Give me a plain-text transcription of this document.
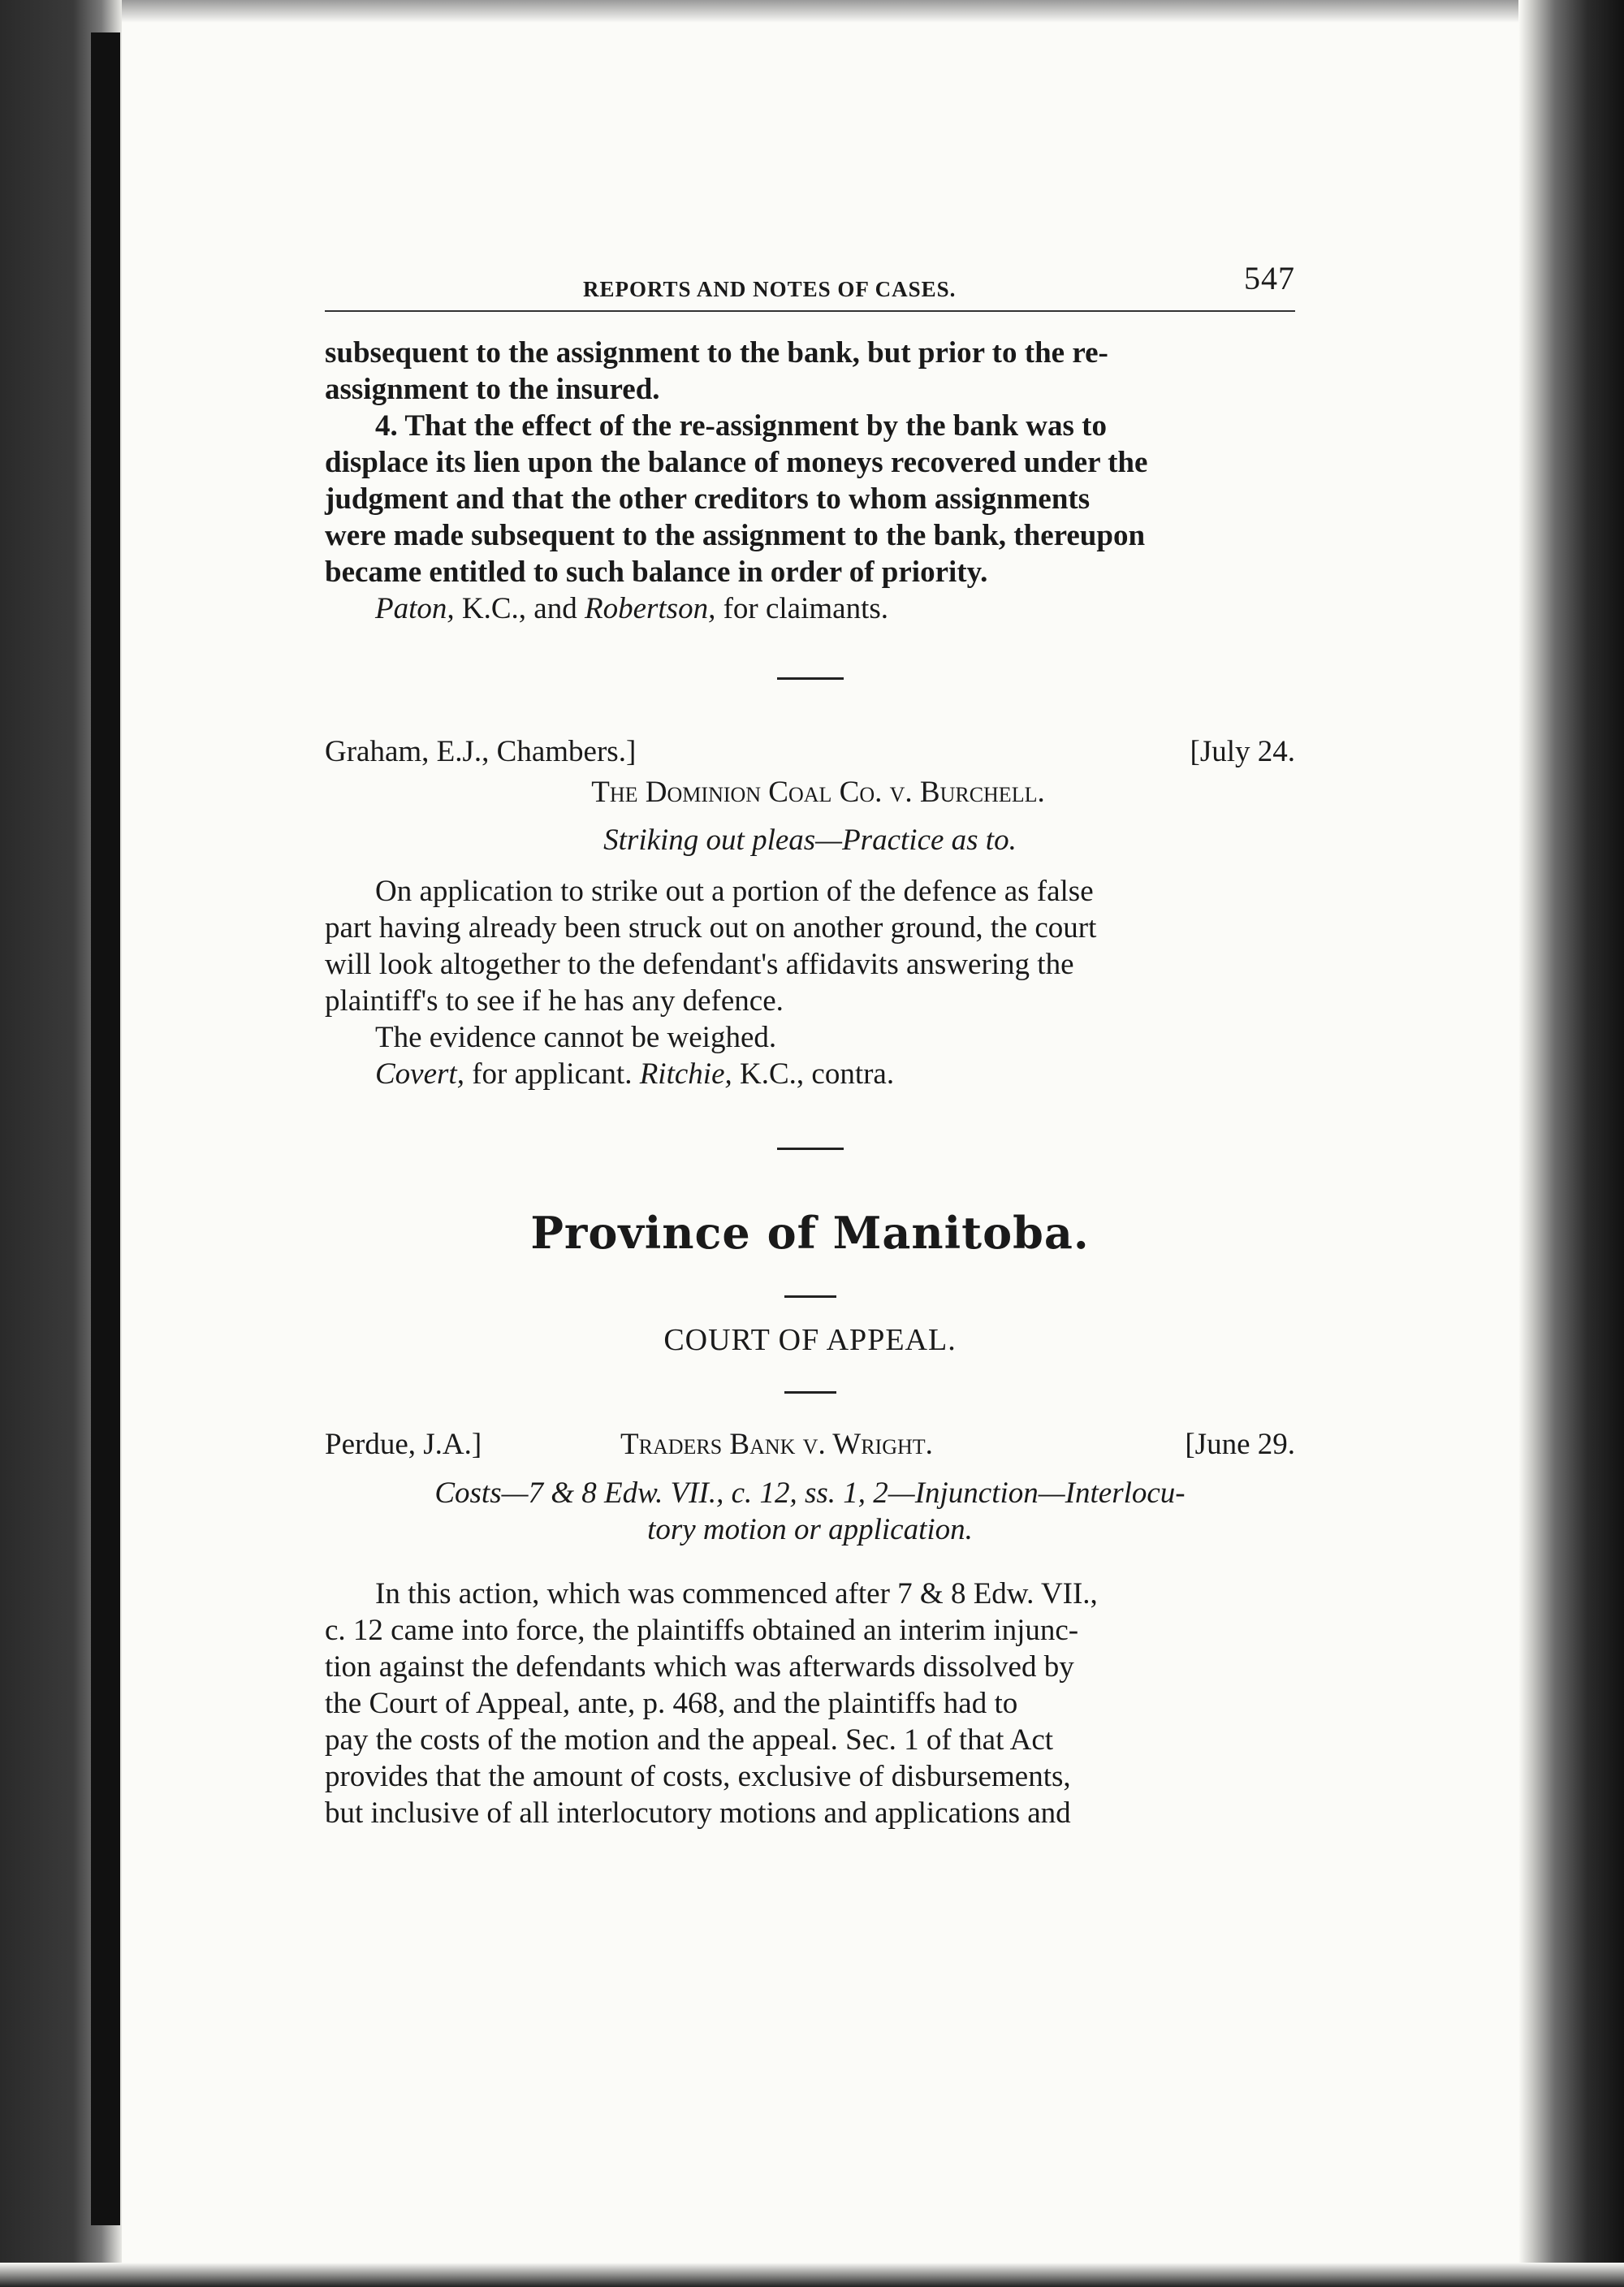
REPORTS AND NOTES OF CASES.	547

subsequent to the assignment to the bank, but prior to the re-

assignment to the insured.

4. That the effect of the re-assignment by the bank was to

displace its lien upon the balance of moneys recovered under the

judgment and that the other creditors to whom assignments

were made subsequent to the assignment to the bank, thereupon

became entitled to such balance in order of priority.

Paton, K.C., and Robertson, for claimants.

Graham, E.J., Chambers.]	[July 24.

The Dominion Coal Co. v. Burchell.

Striking out pleas—Practice as to.

On application to strike out a portion of the defence as false

part having already been struck out on another ground, the court

will look altogether to the defendant's affidavits answering the

plaintiff's to see if he has any defence.

The evidence cannot be weighed.

Covert, for applicant. Ritchie, K.C., contra.

Province of Manitoba.
COURT OF APPEAL.
Perdue, J.A.]	Traders Bank v. Wright.	[June 29.

Costs—7 & 8 Edw. VII., c. 12, ss. 1, 2—Injunction—Interlocu-

tory motion or application.

In this action, which was commenced after 7 & 8 Edw. VII.,

c. 12 came into force, the plaintiffs obtained an interim injunc-

tion against the defendants which was afterwards dissolved by

the Court of Appeal, ante, p. 468, and the plaintiffs had to

pay the costs of the motion and the appeal. Sec. 1 of that Act

provides that the amount of costs, exclusive of disbursements,

but inclusive of all interlocutory motions and applications and
